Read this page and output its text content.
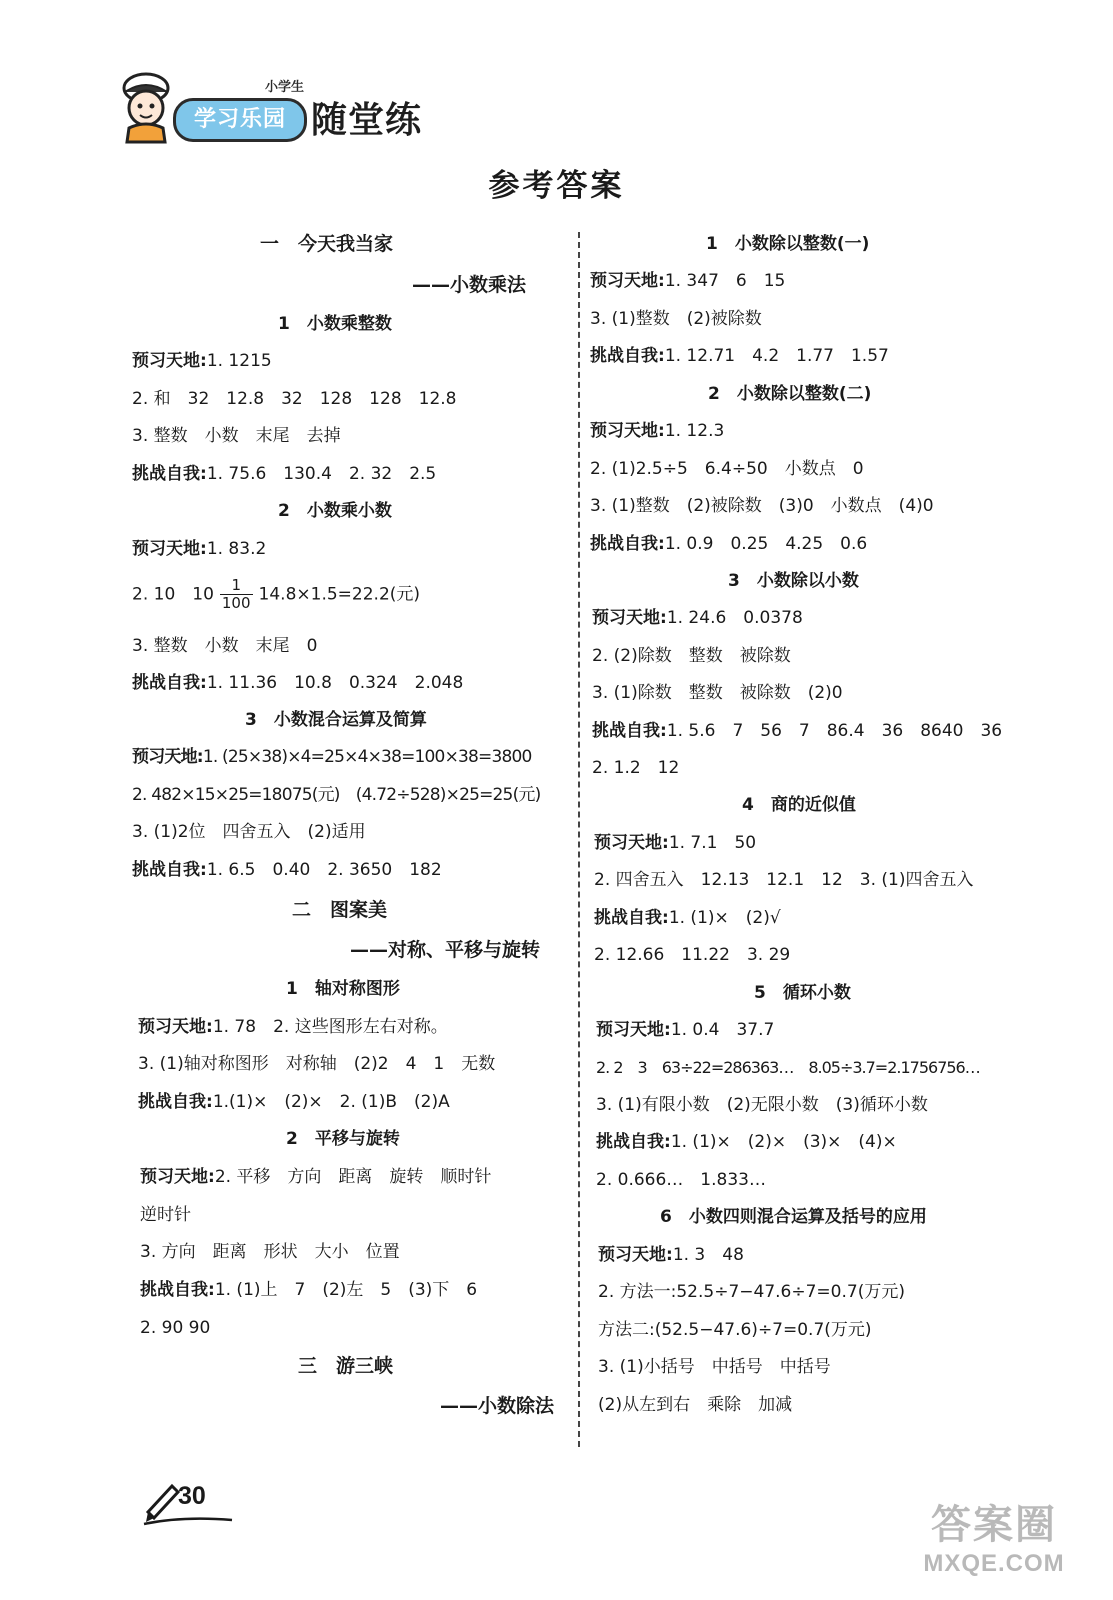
小学生
学习乐园 随堂练
参考答案
一　今天我当家
——小数乘法
1　小数乘整数
预习天地:1. 1215
2. 和　32　12.8　32　128　128　12.8
3. 整数　小数　末尾　去掉
挑战自我:1. 75.6　130.4　2. 32　2.5
2　小数乘小数
预习天地:1. 83.2
2. 10　$10 \frac{1}{100} 14.8\times 1.5=22.2$(元)
3. 整数　小数　末尾　0
挑战自我:1. 11.36　10.8　0.324　2.048
3　小数混合运算及简算
预习天地:1. (25×38)×4=25×4×38=100×38=3800
2. 482×15×25=18075(元)　(4.72÷528)×25=25(元)
3. (1)2位　四舍五入　(2)适用
挑战自我:1. 6.5　0.40　2. 3650　182
二　图案美
——对称、平移与旋转
1　轴对称图形
预习天地:1. 78　2. 这些图形左右对称。
3. (1)轴对称图形　对称轴　(2)2　4　1　无数
挑战自我:1.(1)×　(2)×　2. (1)B　(2)A
2　平移与旋转
预习天地:2. 平移　方向　距离　旋转　顺时针
逆时针
3. 方向　距离　形状　大小　位置
挑战自我:1. (1)上　7　(2)左　5　(3)下　6
2. 90 90
三　游三峡
——小数除法
1　小数除以整数(一)
预习天地:1. 347　6　15
3. (1)整数　(2)被除数
挑战自我:1. 12.71　4.2　1.77　1.57
2　小数除以整数(二)
预习天地:1. 12.3
2. (1)2.5÷5　6.4÷50　小数点　0
3. (1)整数　(2)被除数　(3)0　小数点　(4)0
挑战自我:1. 0.9　0.25　4.25　0.6
3　小数除以小数
预习天地:1. 24.6　0.0378
2. (2)除数　整数　被除数
3. (1)除数　整数　被除数　(2)0
挑战自我:1. 5.6　7　56　7　86.4　36　8640　36
2. 1.2　12
4　商的近似值
预习天地:1. 7.1　50
2. 四舍五入　12.13　12.1　12　3. (1)四舍五入
挑战自我:1. (1)×　(2)√
2. 12.66　11.22　3. 29
5　循环小数
预习天地:1. 0.4　37.7
2. 2　3　63÷22=286363…　8.05÷3.7=2.1756756…
3. (1)有限小数　(2)无限小数　(3)循环小数
挑战自我:1. (1)×　(2)×　(3)×　(4)×
2. 0.666…　1.833…
6　小数四则混合运算及括号的应用
预习天地:1. 3　48
2. 方法一:52.5÷7−47.6÷7=0.7(万元)
方法二:(52.5−47.6)÷7=0.7(万元)
3. (1)小括号　中括号　中括号
(2)从左到右　乘除　加减
30
答案圈
MXQE.COM
